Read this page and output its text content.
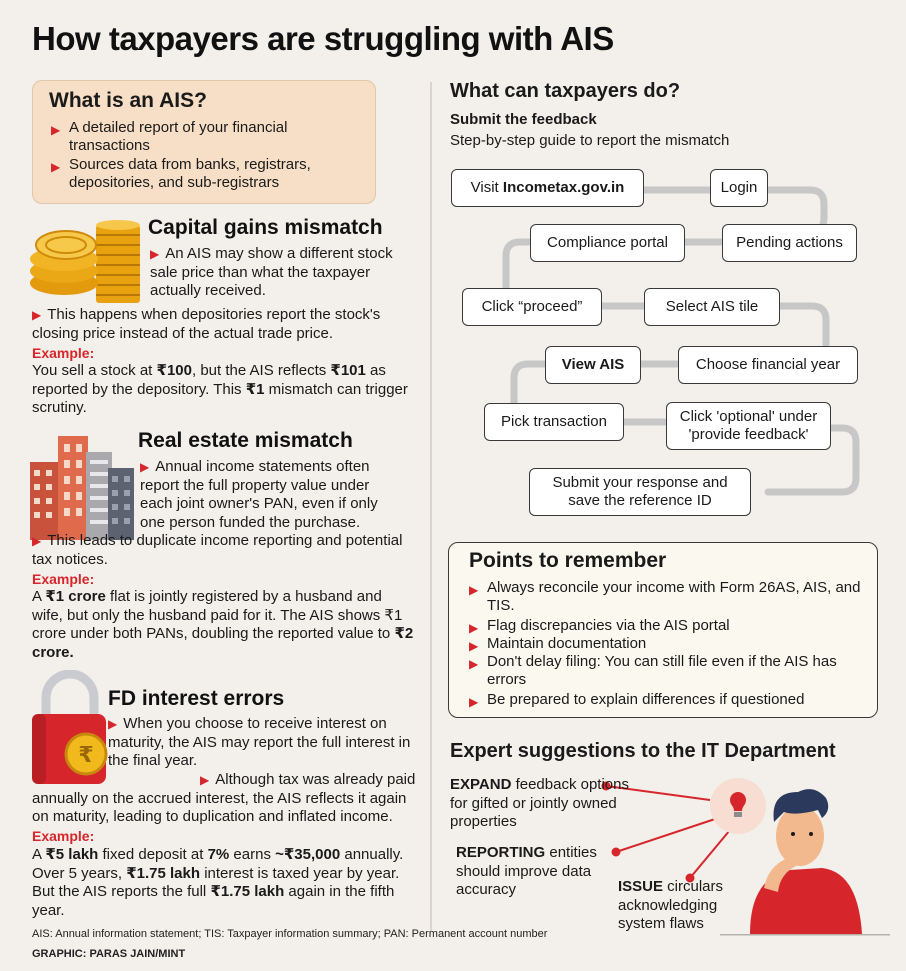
How taxpayers are struggling with AIS
What is an AIS?
▶ A detailed report of your financial transactions
▶ Sources data from banks, registrars, depositories, and sub-registrars
Capital gains mismatch
▶ An AIS may show a different stock sale price than what the taxpayer actually received.
▶ This happens when depositories report the stock's closing price instead of the actual trade price.
Example:
You sell a stock at ₹100, but the AIS reflects ₹101 as reported by the depository. This ₹1 mismatch can trigger scrutiny.
Real estate mismatch
▶ Annual income statements often report the full property value under each joint owner's PAN, even if only one person funded the purchase.
▶ This leads to duplicate income reporting and potential tax notices.
Example:
A ₹1 crore flat is jointly registered by a husband and wife, but only the husband paid for it. The AIS shows ₹1 crore under both PANs, doubling the reported value to ₹2 crore.
₹
FD interest errors
▶ When you choose to receive interest on maturity, the AIS may report the full interest in the final year.
▶ Although tax was already paid annually on the accrued interest, the AIS reflects it again on maturity, leading to duplication and inflated income.
Example:
A ₹5 lakh fixed deposit at 7% earns ~₹35,000 annually. Over 5 years, ₹1.75 lakh interest is taxed year by year. But the AIS reports the full ₹1.75 lakh again in the fifth year.
AIS: Annual information statement; TIS: Taxpayer information summary; PAN: Permanent account number
GRAPHIC: PARAS JAIN/MINT
What can taxpayers do?
Submit the feedback
Step-by-step guide to report the mismatch
Visit
Incometax.gov.in	Login
Pending actions
Compliance portal
Click “proceed”	Select AIS tile
Choose financial year
View AIS
Pick transaction	Click 'optional' under 'provide feedback'
Submit your response and save the reference ID
Points to remember
▶ Always reconcile your income with Form 26AS, AIS, and TIS.
▶ Flag discrepancies via the AIS portal
▶ Maintain documentation
▶ Don't delay filing: You can still file even if the AIS has errors
▶ Be prepared to explain differences if questioned
Expert suggestions to the IT Department
EXPAND feedback options for gifted or jointly owned properties
REPORTING entities should improve data accuracy	ISSUE circulars acknowledging system flaws
